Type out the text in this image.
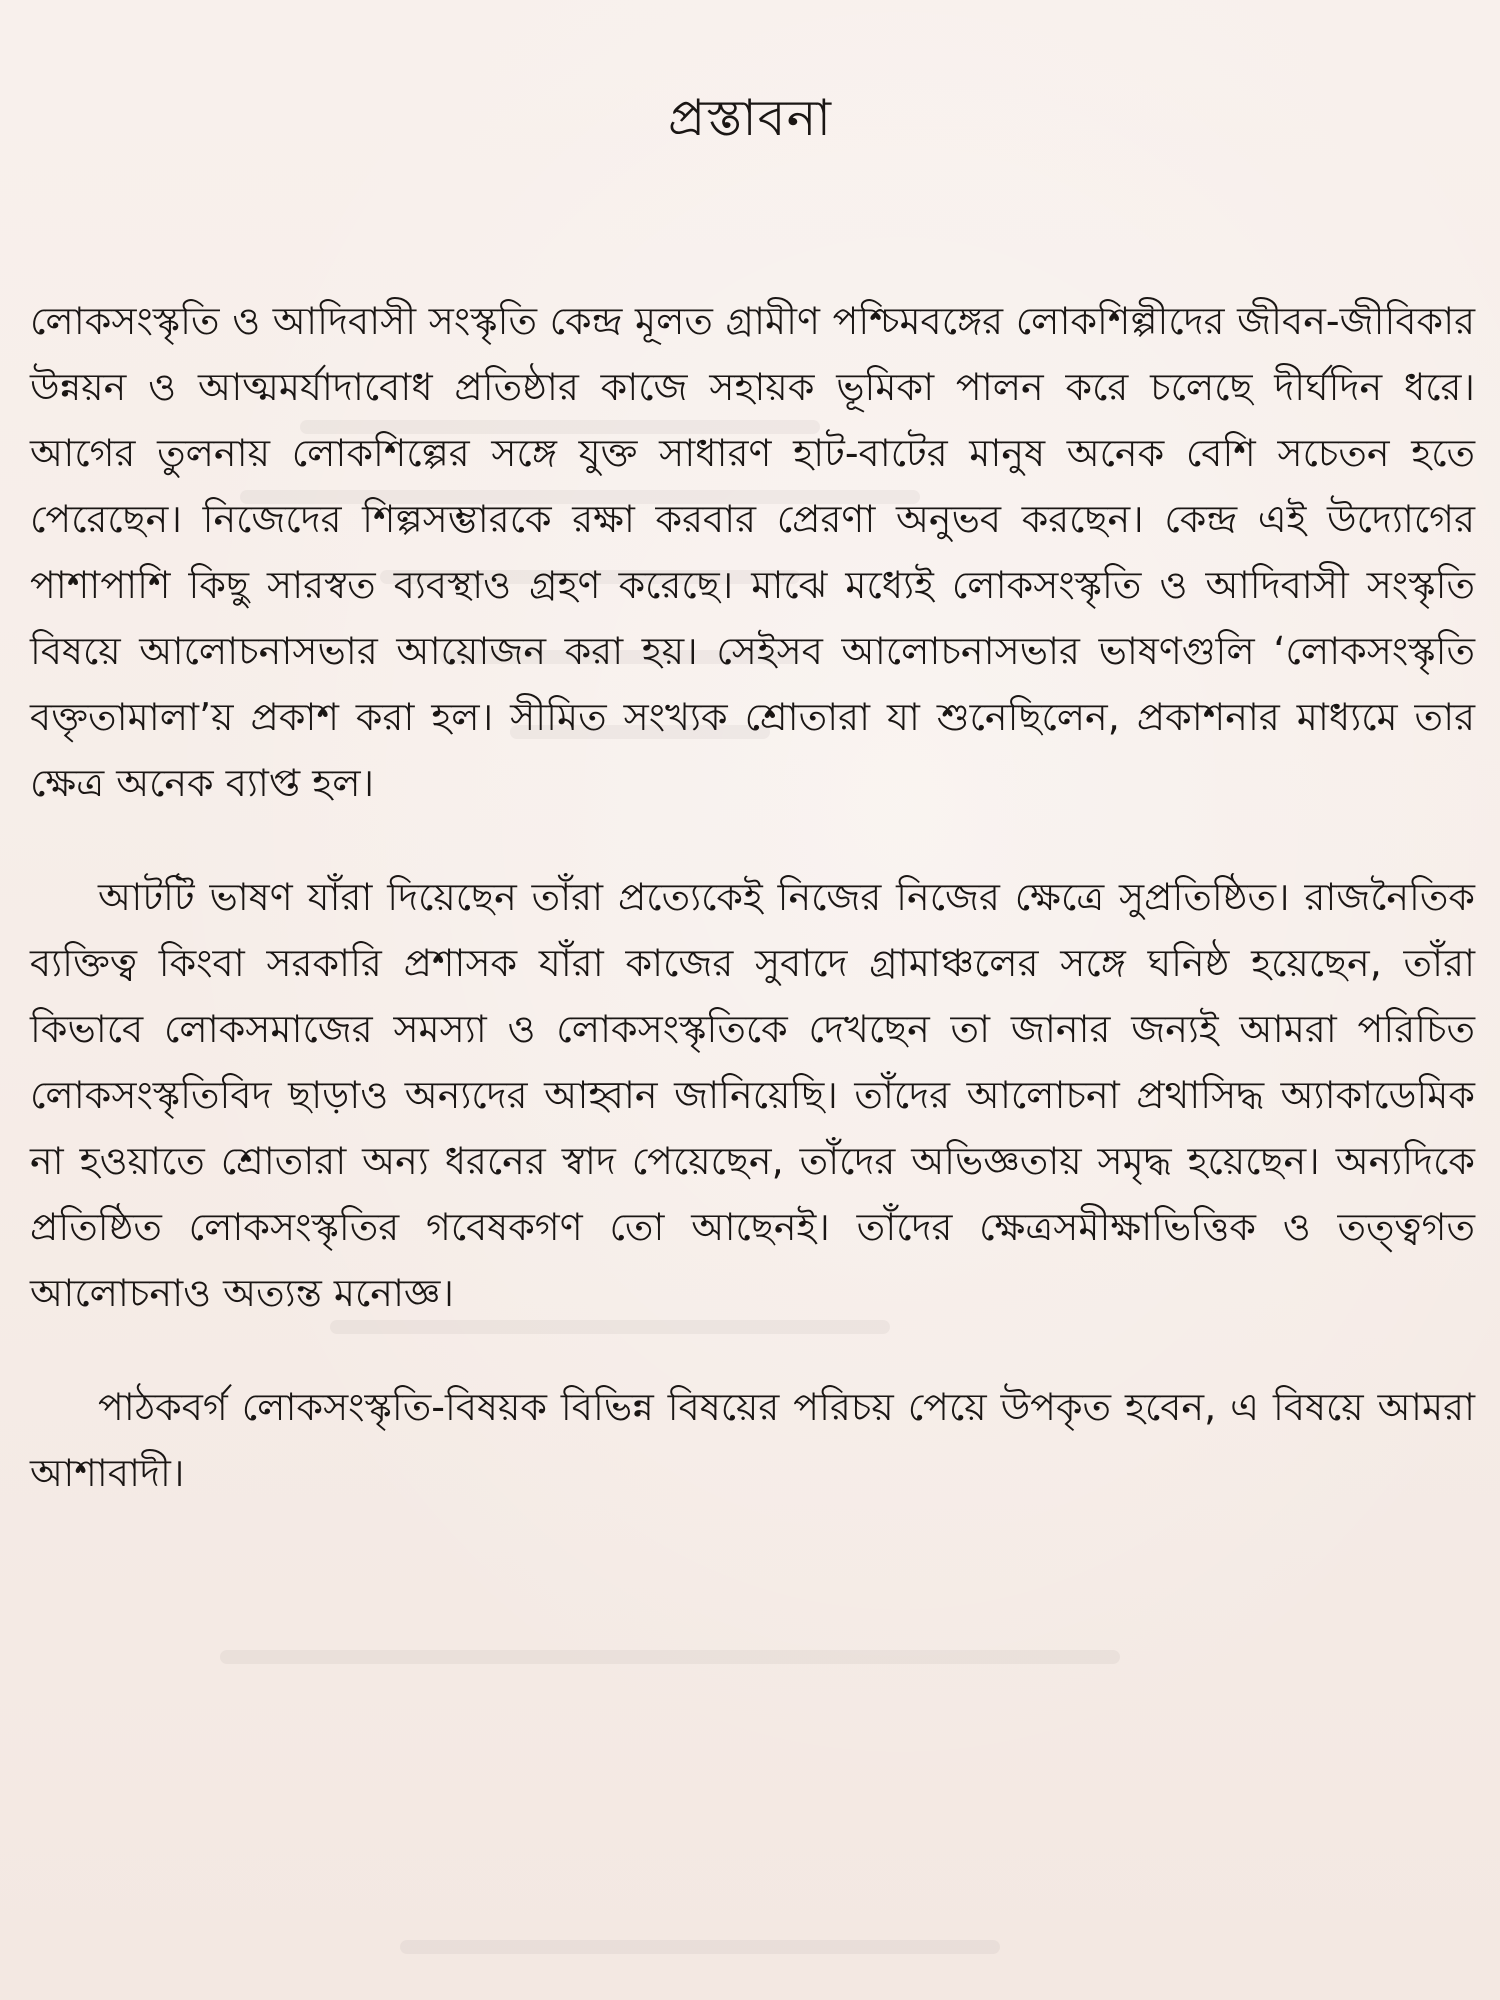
প্রস্তাবনা

লোকসংস্কৃতি ও আদিবাসী সংস্কৃতি কেন্দ্র মূলত গ্রামীণ পশ্চিমবঙ্গের লোকশিল্পীদের জীবন-জীবিকার উন্নয়ন ও আত্মমর্যাদাবোধ প্রতিষ্ঠার কাজে সহায়ক ভূমিকা পালন করে চলেছে দীর্ঘদিন ধরে। আগের তুলনায় লোকশিল্পের সঙ্গে যুক্ত সাধারণ হাট-বাটের মানুষ অনেক বেশি সচেতন হতে পেরেছেন। নিজেদের শিল্পসম্ভারকে রক্ষা করবার প্রেরণা অনুভব করছেন। কেন্দ্র এই উদ্যোগের পাশাপাশি কিছু সারস্বত ব্যবস্থাও গ্রহণ করেছে। মাঝে মধ্যেই লোকসংস্কৃতি ও আদিবাসী সংস্কৃতি বিষয়ে আলোচনাসভার আয়োজন করা হয়। সেইসব আলোচনাসভার ভাষণগুলি ‘লোকসংস্কৃতি বক্তৃতামালা’য় প্রকাশ করা হল। সীমিত সংখ্যক শ্রোতারা যা শুনেছিলেন, প্রকাশনার মাধ্যমে তার ক্ষেত্র অনেক ব্যাপ্ত হল।

আটটি ভাষণ যাঁরা দিয়েছেন তাঁরা প্রত্যেকেই নিজের নিজের ক্ষেত্রে সুপ্রতিষ্ঠিত। রাজনৈতিক ব্যক্তিত্ব কিংবা সরকারি প্রশাসক যাঁরা কাজের সুবাদে গ্রামাঞ্চলের সঙ্গে ঘনিষ্ঠ হয়েছেন, তাঁরা কিভাবে লোকসমাজের সমস্যা ও লোকসংস্কৃতিকে দেখছেন তা জানার জন্যই আমরা পরিচিত লোকসংস্কৃতিবিদ ছাড়াও অন্যদের আহ্বান জানিয়েছি। তাঁদের আলোচনা প্রথাসিদ্ধ অ্যাকাডেমিক না হওয়াতে শ্রোতারা অন্য ধরনের স্বাদ পেয়েছেন, তাঁদের অভিজ্ঞতায় সমৃদ্ধ হয়েছেন। অন্যদিকে প্রতিষ্ঠিত লোকসংস্কৃতির গবেষকগণ তো আছেনই। তাঁদের ক্ষেত্রসমীক্ষাভিত্তিক ও তত্ত্বগত আলোচনাও অত্যন্ত মনোজ্ঞ।

পাঠকবর্গ লোকসংস্কৃতি-বিষয়ক বিভিন্ন বিষয়ের পরিচয় পেয়ে উপকৃত হবেন, এ বিষয়ে আমরা আশাবাদী।
